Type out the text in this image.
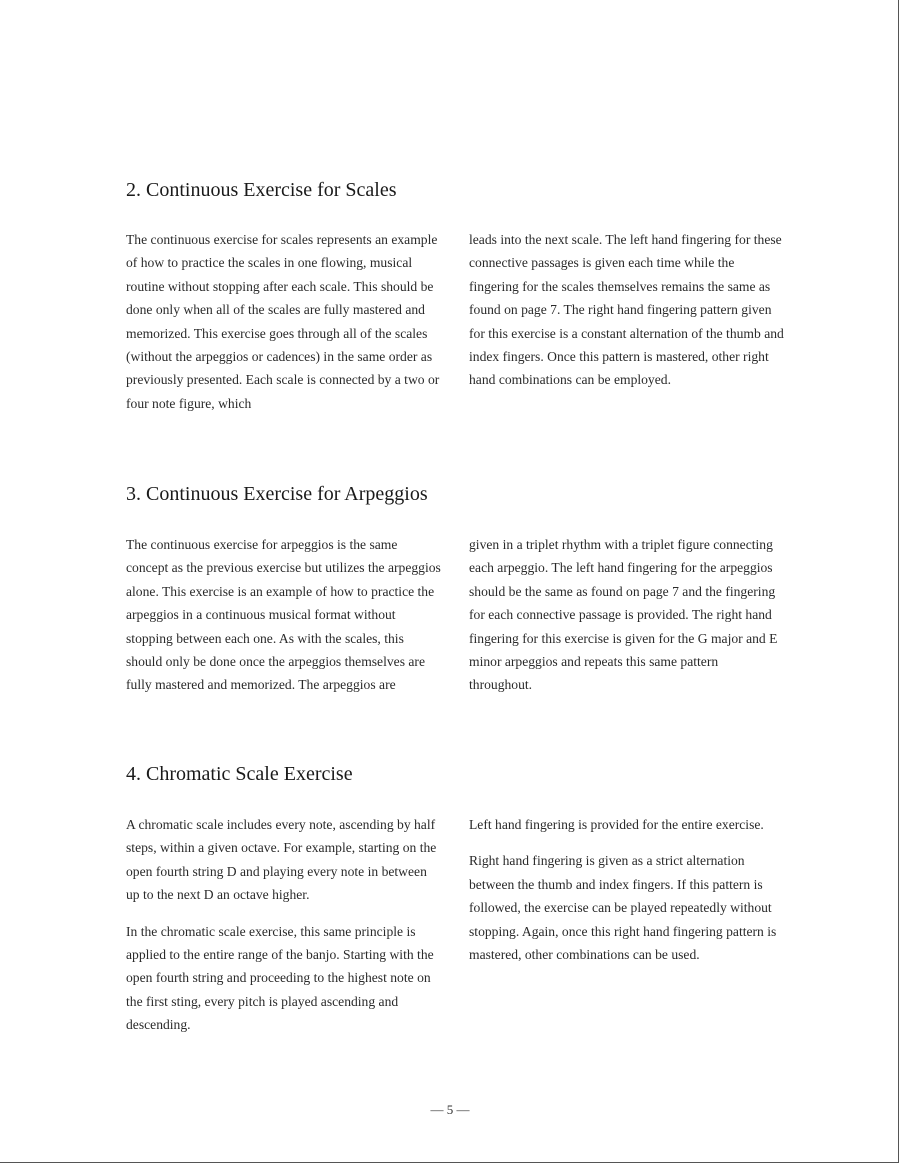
2. Continuous Exercise for Scales

The continuous exercise for scales represents an example of how to practice the scales in one flowing, musical routine without stopping after each scale. This should be done only when all of the scales are fully mastered and memorized. This exercise goes through all of the scales (without the arpeggios or cadences) in the same order as previously presented. Each scale is connected by a two or four note figure, which

leads into the next scale. The left hand fingering for these connective passages is given each time while the fingering for the scales themselves remains the same as found on page 7. The right hand fingering pattern given for this exercise is a constant alternation of the thumb and index fingers. Once this pattern is mastered, other right hand combinations can be employed.

3. Continuous Exercise for Arpeggios

The continuous exercise for arpeggios is the same concept as the previous exercise but utilizes the arpeggios alone. This exercise is an example of how to practice the arpeggios in a continuous musical format without stopping between each one. As with the scales, this should only be done once the arpeggios themselves are fully mastered and memorized. The arpeggios are

given in a triplet rhythm with a triplet figure connecting each arpeggio. The left hand fingering for the arpeggios should be the same as found on page 7 and the fingering for each connective passage is provided. The right hand fingering for this exercise is given for the G major and E minor arpeggios and repeats this same pattern throughout.

4. Chromatic Scale Exercise

A chromatic scale includes every note, ascending by half steps, within a given octave. For example, starting on the open fourth string D and playing every note in between up to the next D an octave higher.

In the chromatic scale exercise, this same principle is applied to the entire range of the banjo. Starting with the open fourth string and proceeding to the highest note on the first sting, every pitch is played ascending and descending.

Left hand fingering is provided for the entire exercise.

Right hand fingering is given as a strict alternation between the thumb and index fingers. If this pattern is followed, the exercise can be played repeatedly without stopping. Again, once this right hand fingering pattern is mastered, other combinations can be used.

— 5 —
